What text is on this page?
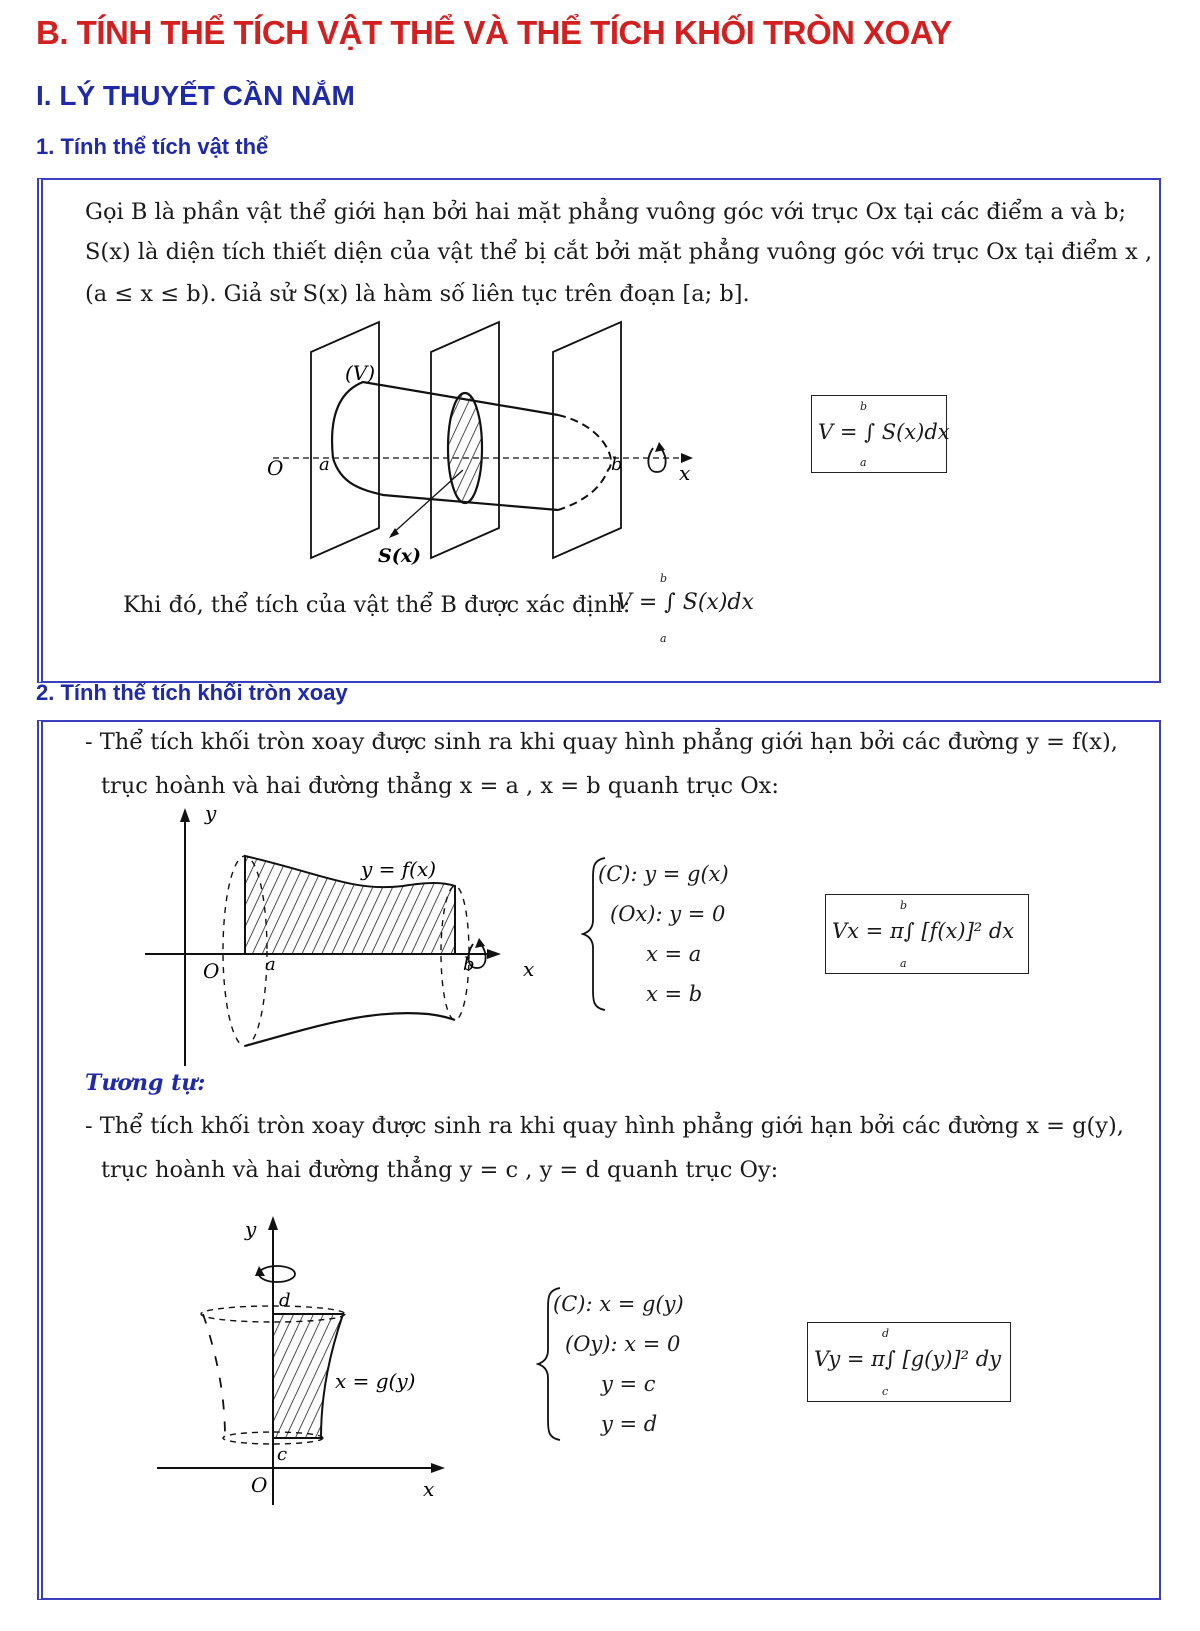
B. TÍNH THỂ TÍCH VẬT THỂ VÀ THỂ TÍCH KHỐI TRÒN XOAY
I. LÝ THUYẾT CẦN NẮM
1. Tính thể tích vật thể

Gọi B là phần vật thể giới hạn bởi hai mặt phẳng vuông góc với trục Ox tại các điểm a và b;

S(x) là diện tích thiết diện của vật thể bị cắt bởi mặt phẳng vuông góc với trục Ox tại điểm x ,

(a ≤ x ≤ b). Giả sử S(x) là hàm số liên tục trên đoạn [a; b].

(V)
O a	b	x
S(x)
b
a
V = ∫ S(x)dx

Khi đó, thể tích của vật thể B được xác định:

b
a
V = ∫ S(x)dx
2. Tính thể tích khối tròn xoay

- Thể tích khối tròn xoay được sinh ra khi quay hình phẳng giới hạn bởi các đường y = f(x),

trục hoành và hai đường thẳng x = a , x = b quanh trục Ox:

y
O	a	b x
y = f(x)	(C): y = g(x)
(Ox): y = 0
x = a
x = b
b
a
Vx = π∫ [f(x)]² dx
Tương tự:

- Thể tích khối tròn xoay được sinh ra khi quay hình phẳng giới hạn bởi các đường x = g(y),

trục hoành và hai đường thẳng y = c , y = d quanh trục Oy:

y
O
d
c
x
x = g(y)
(C): x = g(y)
(Oy): x = 0
y = c
y = d
d
c
Vy = π∫ [g(y)]² dy
